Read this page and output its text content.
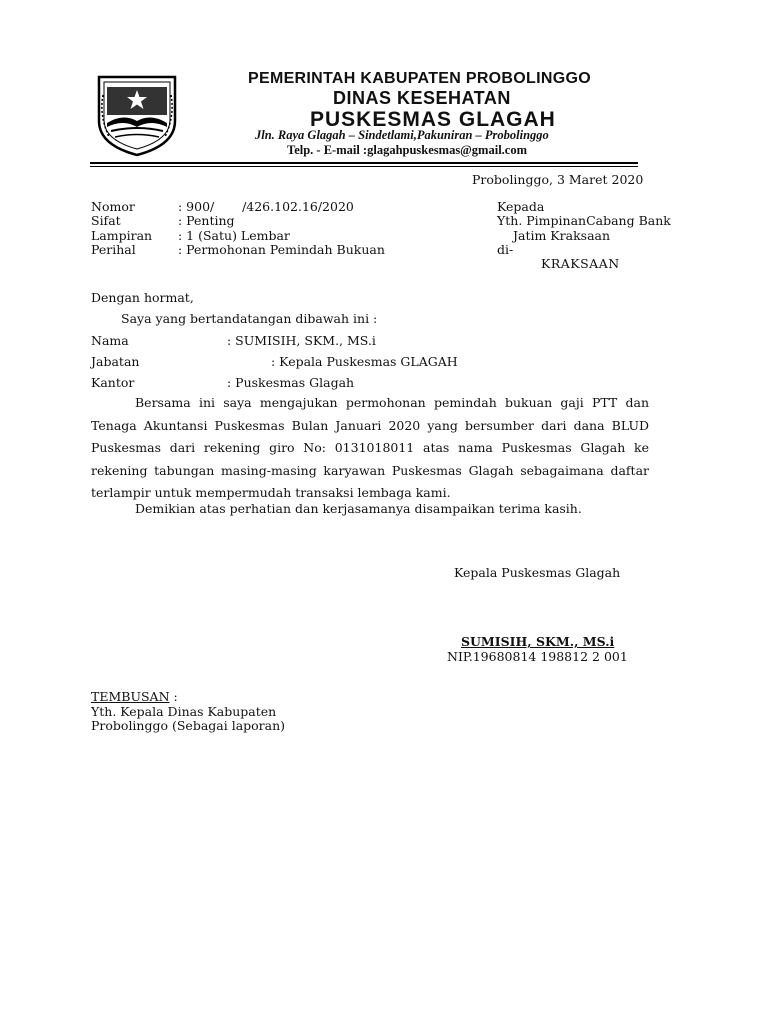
PEMERINTAH KABUPATEN PROBOLINGGO
DINAS KESEHATAN
PUSKESMAS GLAGAH
Jln. Raya Glagah – Sindetlami,Pakuniran – Probolinggo
Telp. - E-mail :glagahpuskesmas@gmail.com
Probolinggo, 3 Maret 2020
Nomor	: 900/       /426.102.16/2020
Sifat	: Penting
Lampiran : 1 (Satu) Lembar
Perihal	: Permohonan Pemindah Bukuan
Kepada
Yth. PimpinanCabang Bank
Jatim Kraksaan
di-
KRAKSAAN
Dengan hormat,
Saya yang bertandatangan dibawah ini :
Nama	: SUMISIH, SKM., MS.i
Jabatan	: Kepala Puskesmas GLAGAH
Kantor	: Puskesmas Glagah
Bersama ini saya mengajukan permohonan pemindah bukuan gaji PTT dan Tenaga Akuntansi Puskesmas Bulan Januari 2020 yang bersumber dari dana BLUD Puskesmas dari rekening giro No: 0131018011 atas nama Puskesmas Glagah ke rekening tabungan masing-masing karyawan Puskesmas Glagah sebagaimana daftar terlampir untuk mempermudah transaksi lembaga kami.
Demikian atas perhatian dan kerjasamanya disampaikan terima kasih.
Kepala Puskesmas Glagah
SUMISIH, SKM., MS.i
NIP.19680814 198812 2 001
TEMBUSAN :
Yth. Kepala Dinas Kabupaten
Probolinggo (Sebagai laporan)
